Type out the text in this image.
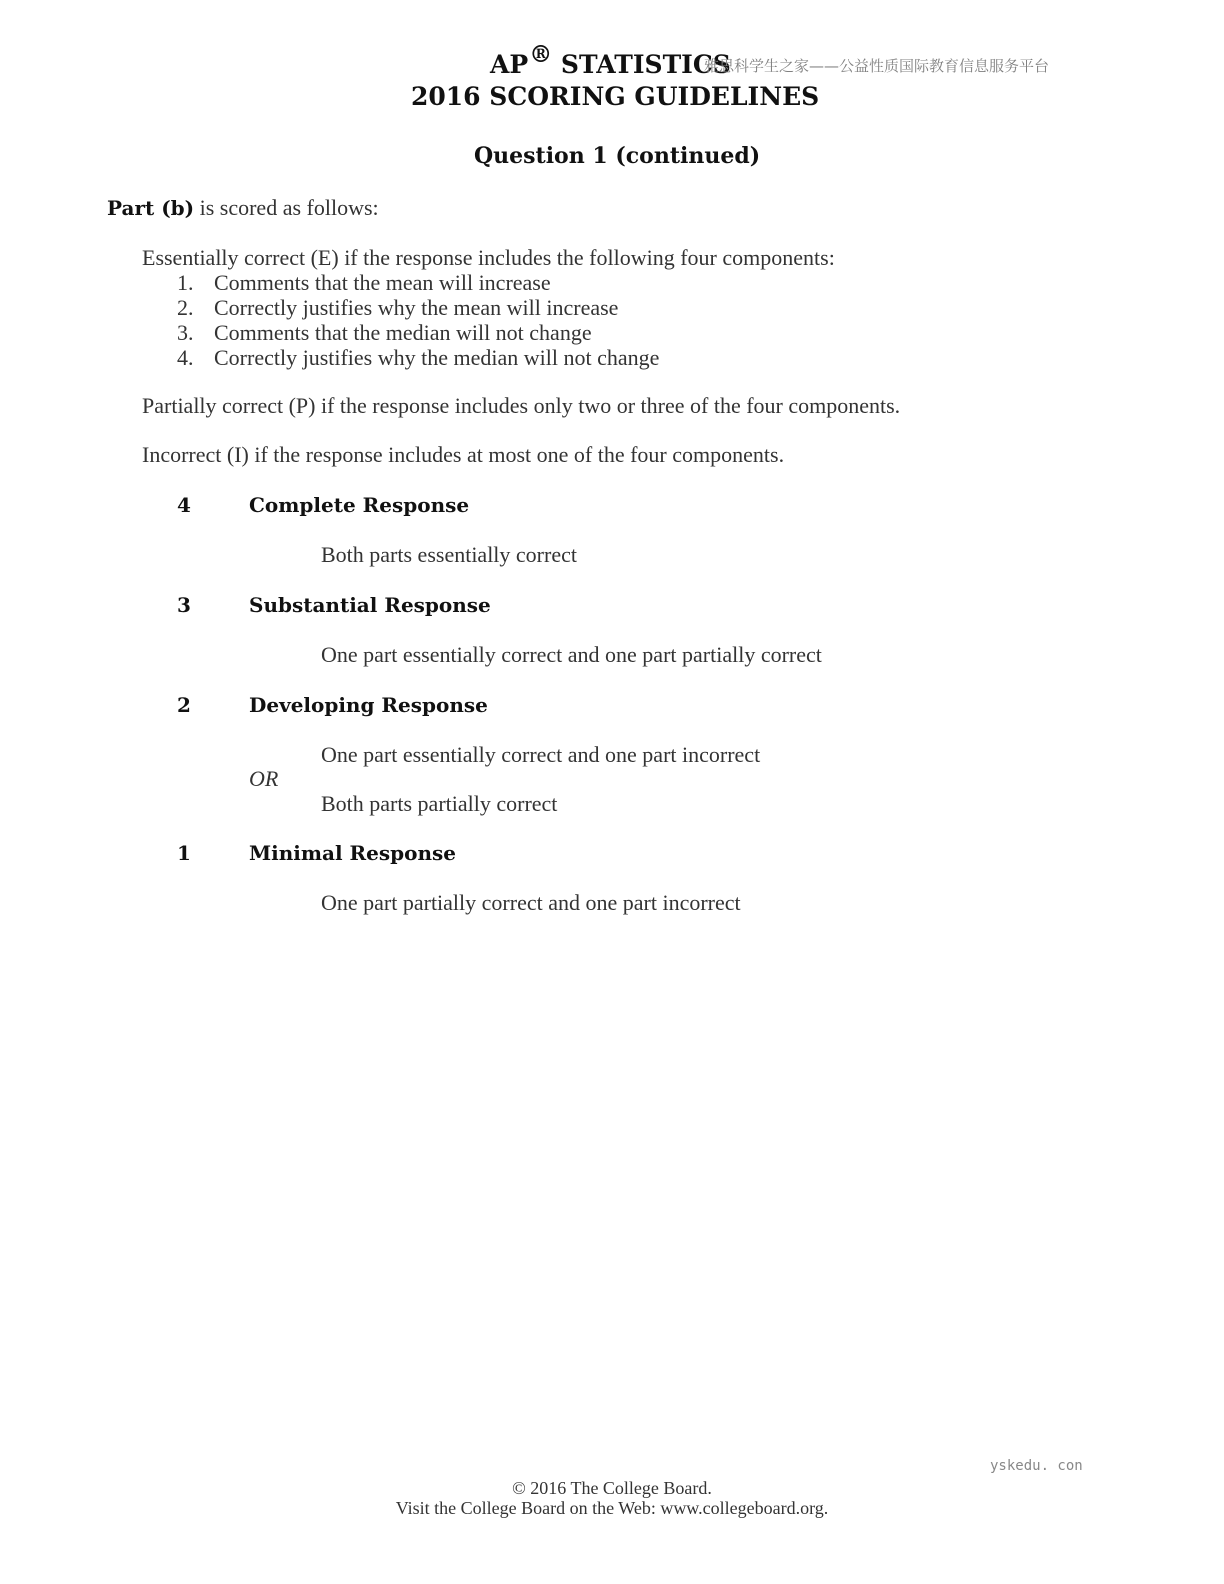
AP® STATISTICS
雅思科学生之家——公益性质国际教育信息服务平台
2016 SCORING GUIDELINES
Question 1 (continued)
Part (b) is scored as follows:
Essentially correct (E) if the response includes the following four components:
1. Comments that the mean will increase
2. Correctly justifies why the mean will increase
3. Comments that the median will not change
4. Correctly justifies why the median will not change
Partially correct (P) if the response includes only two or three of the four components.
Incorrect (I) if the response includes at most one of the four components.
4	Complete Response
Both parts essentially correct
3	Substantial Response
One part essentially correct and one part partially correct
2	Developing Response
One part essentially correct and one part incorrect
OR
Both parts partially correct
1	Minimal Response
One part partially correct and one part incorrect
yskedu. con
© 2016 The College Board.
Visit the College Board on the Web: www.collegeboard.org.
